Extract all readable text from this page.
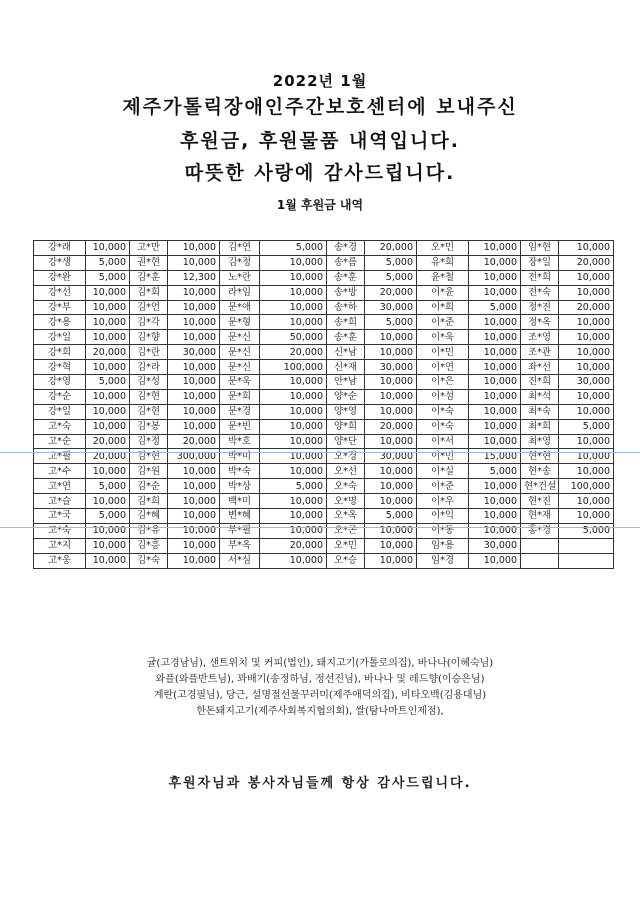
2022년 1월
제주가톨릭장애인주간보호센터에 보내주신
후원금, 후원물품 내역입니다.
따뜻한 사랑에 감사드립니다.
1월 후원금 내역
강*래	10,000	고*만	10,000	김*연	5,000	송*경	20,000	오*민	10,000	임*현	10,000
강*생	5,000	권*현	10,000	김*정	10,000	송*름	5,000	유*희	10,000	장*일	20,000
강*완	5,000	김*훈	12,300	노*란	10,000	송*훈	5,000	윤*철	10,000	전*희	10,000
강*선	10,000	김*희	10,000	라*임	10,000	송*방	20,000	이*윤	10,000	전*숙	10,000
강*부	10,000	김*언	10,000	문*애	10,000	송*하	30,000	이*희	5,000	정*진	20,000
강*용	10,000	김*각	10,000	문*형	10,000	송*희	5,000	이*준	10,000	정*옥	10,000
강*일	10,000	김*향	10,000	문*신	50,000	송*훈	10,000	이*욱	10,000	조*영	10,000
강*희	20,000	김*란	30,000	문*신	20,000	신*남	10,000	이*민	10,000	조*관	10,000
강*혁	10,000	김*라	10,000	문*신	100,000	신*재	30,000	이*연	10,000	좌*선	10,000
강*영	5,000	김*성	10,000	문*욱	10,000	안*남	10,000	이*은	10,000	진*희	30,000
강*순	10,000	김*현	10,000	문*희	10,000	양*순	10,000	이*섬	10,000	최*석	10,000
강*일	10,000	김*현	10,000	문*경	10,000	양*영	10,000	이*숙	10,000	최*숙	10,000
고*숙	10,000	김*봉	10,000	문*빈	10,000	양*희	20,000	이*숙	10,000	최*희	5,000
고*순	20,000	김*정	20,000	박*호	10,000	양*단	10,000	이*서	10,000	최*영	10,000
고*필	20,000	김*현	300,000	박*미	10,000	오*경	30,000	이*민	15,000	현*현	10,000
고*수	10,000	김*원	10,000	박*숙	10,000	오*선	10,000	이*실	5,000	현*송	10,000
고*연	5,000	김*순	10,000	박*상	5,000	오*숙	10,000	이*준	10,000	현*건설	100,000
고*슬	10,000	김*희	10,000	백*미	10,000	오*명	10,000	이*우	10,000	현*진	10,000
고*국	5,000	김*혜	10,000	변*혜	10,000	오*옥	5,000	이*익	10,000	현*재	10,000
고*숙	10,000	김*유	10,000	부*필	10,000	오*곤	10,000	이*동	10,000	홍*경	5,000
고*지	10,000	김*흥	10,000	부*옥	20,000	오*민	10,000	임*용	30,000		
고*웅	10,000	김*숙	10,000	서*심	10,000	오*승	10,000	임*경	10,000		
귤(고경남님), 샌트위치 및 커피(법인), 돼지고기(가톨로의집), 바나나(이혜숙님)
와플(와플반트님), 꽈배기(송정하님, 정선진님), 바나나 및 레드향(이승은님)
계란(고경필님), 당근, 설명절선물꾸러미(제주애덕의집), 비타오백(김용대님)
한돈돼지고기(제주사회복지협의회), 쌀(탐나마트인제점),
후원자님과 봉사자님들께 항상 감사드립니다.
